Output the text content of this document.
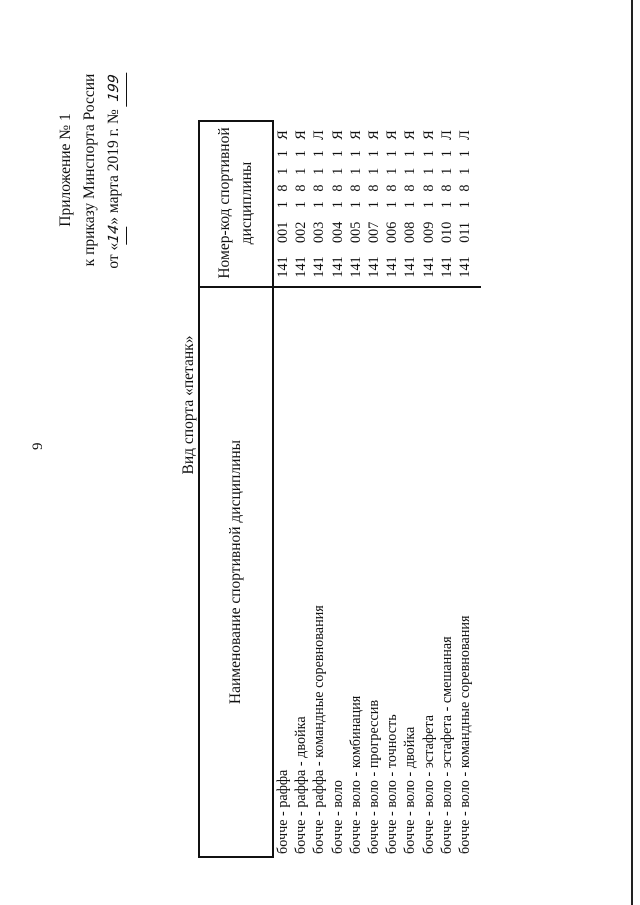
9
Приложение № 1 к приказу Минспорта России от «14» марта 2019 г. № 199
Вид спорта «петанк»
Наименование спортивной дисциплины
Номер-код спортивной дисциплины
бочче - раффа
141
001
1
8
1
1
Я
бочче - раффа - двойка
141
002
1
8
1
1
Я
бочче - раффа - командные соревнования
141
003
1
8
1
1
Л
бочче - воло
141
004
1
8
1
1
Я
бочче - воло - комбинация
141
005
1
8
1
1
Я
бочче - воло - прогрессив
141
007
1
8
1
1
Я
бочче - воло - точность
141
006
1
8
1
1
Я
бочче - воло - двойка
141
008
1
8
1
1
Я
бочче - воло - эстафета
141
009
1
8
1
1
Я
бочче - воло - эстафета - смешанная
141
010
1
8
1
1
Л
бочче - воло - командные соревнования
141
011
1
8
1
1
Л
